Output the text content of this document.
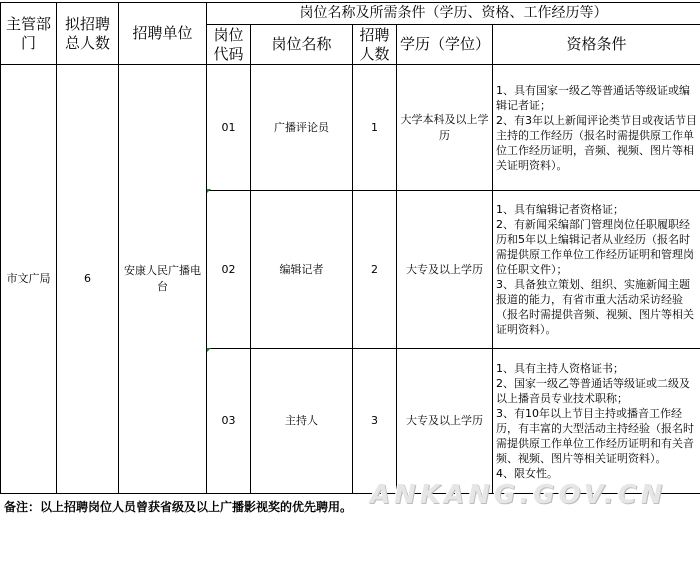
主管部门	拟招聘总人数	招聘单位	岗位名称及所需条件（学历、资格、工作经历等）				
			岗位代码	岗位名称	招聘人数	学历（学位）	资格条件
市文广局	6	安康人民广播电台	01	广播评论员	1	大学本科及以上学历	1、具有国家一级乙等普通话等级证或编辑记者证；
2、有3年以上新闻评论类节目或夜话节目主持的工作经历（报名时需提供原工作单位工作经历证明，音频、视频、图片等相关证明资料）。

			02	编辑记者	2	大专及以上学历	1、具有编辑记者资格证；
2、有新闻采编部门管理岗位任职履职经历和5年以上编辑记者从业经历（报名时需提供原工作单位工作经历证明和管理岗位任职文件）；
3、具备独立策划、组织、实施新闻主题报道的能力，有省市重大活动采访经验（报名时需提供音频、视频、图片等相关证明资料）。

			03	主持人	3	大专及以上学历	1、具有主持人资格证书；
2、国家一级乙等普通话等级证或二级及以上播音员专业技术职称；
3、有10年以上节目主持或播音工作经历，有丰富的大型活动主持经验（报名时需提供原工作单位工作经历证明和有关音频、视频、图片等相关证明资料）。
4、限女性。
ANKANG.GOV.CN
备注：以上招聘岗位人员曾获省级及以上广播影视奖的优先聘用。
